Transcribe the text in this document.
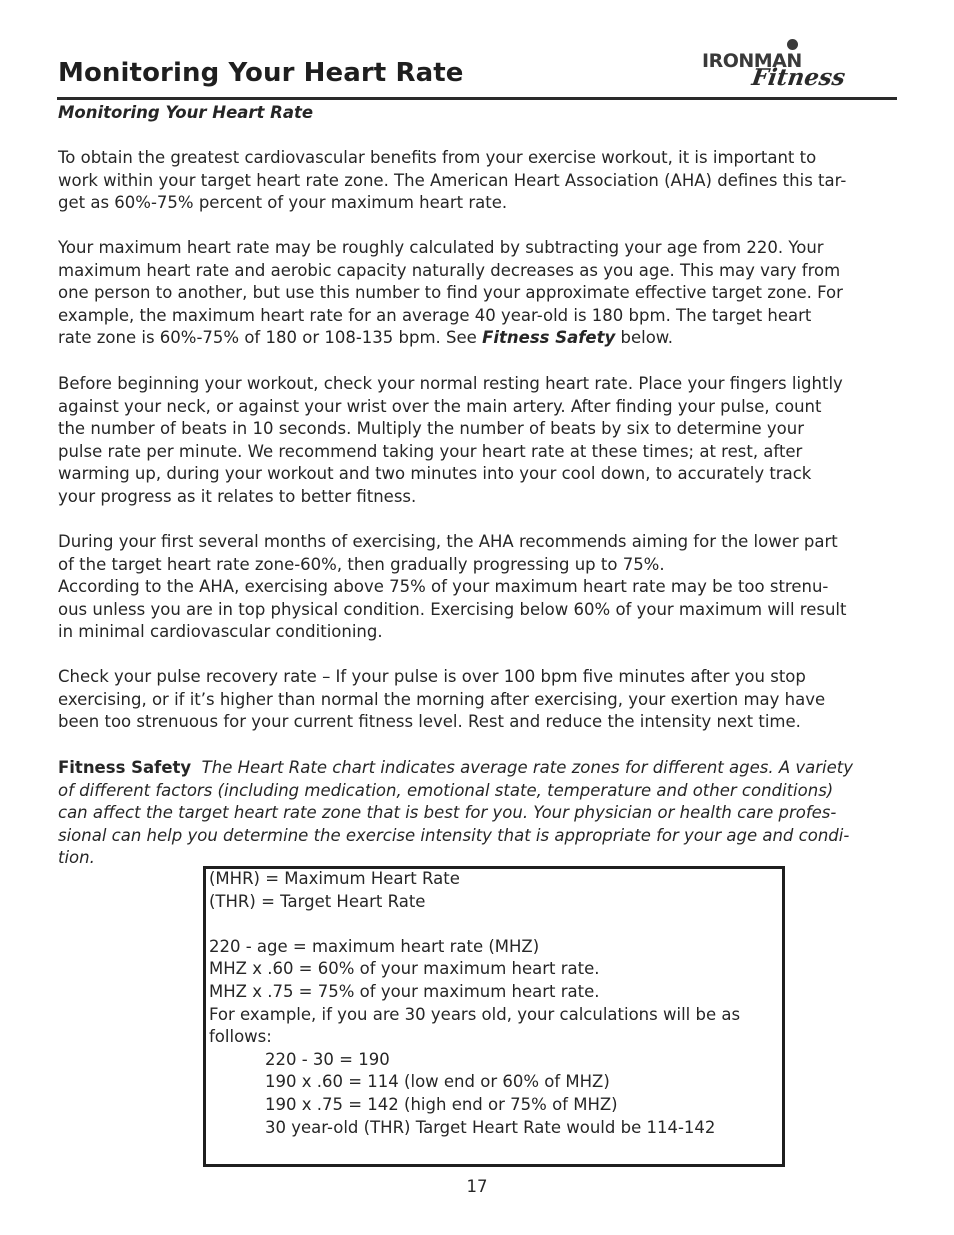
Monitoring Your Heart Rate	IRONMAN
Fitness
Monitoring Your Heart Rate
To obtain the greatest cardiovascular benefits from your exercise workout, it is important to
work within your target heart rate zone. The American Heart Association (AHA) defines this tar-
get as 60%-75% percent of your maximum heart rate.
Your maximum heart rate may be roughly calculated by subtracting your age from 220. Your
maximum heart rate and aerobic capacity naturally decreases as you age. This may vary from
one person to another, but use this number to find your approximate effective target zone. For
example, the maximum heart rate for an average 40 year-old is 180 bpm. The target heart
rate zone is 60%-75% of 180 or 108-135 bpm. See Fitness Safety below.
Before beginning your workout, check your normal resting heart rate. Place your fingers lightly
against your neck, or against your wrist over the main artery. After finding your pulse, count
the number of beats in 10 seconds. Multiply the number of beats by six to determine your
pulse rate per minute. We recommend taking your heart rate at these times; at rest, after
warming up, during your workout and two minutes into your cool down, to accurately track
your progress as it relates to better fitness.
During your first several months of exercising, the AHA recommends aiming for the lower part
of the target heart rate zone-60%, then gradually progressing up to 75%.
According to the AHA, exercising above 75% of your maximum heart rate may be too strenu-
ous unless you are in top physical condition. Exercising below 60% of your maximum will result
in minimal cardiovascular conditioning.
Check your pulse recovery rate – If your pulse is over 100 bpm five minutes after you stop
exercising, or if it’s higher than normal the morning after exercising, your exertion may have
been too strenuous for your current fitness level. Rest and reduce the intensity next time.
Fitness Safety The Heart Rate chart indicates average rate zones for different ages. A variety
of different factors (including medication, emotional state, temperature and other conditions)
can affect the target heart rate zone that is best for you. Your physician or health care profes-
sional can help you determine the exercise intensity that is appropriate for your age and condi-
tion.
(MHR) = Maximum Heart Rate
(THR) = Target Heart Rate
220 - age = maximum heart rate (MHZ)
MHZ x .60 = 60% of your maximum heart rate.
MHZ x .75 = 75% of your maximum heart rate.
For example, if you are 30 years old, your calculations will be as
follows:
220 - 30 = 190
190 x .60 = 114 (low end or 60% of MHZ)
190 x .75 = 142 (high end or 75% of MHZ)
30 year-old (THR) Target Heart Rate would be 114-142
17
